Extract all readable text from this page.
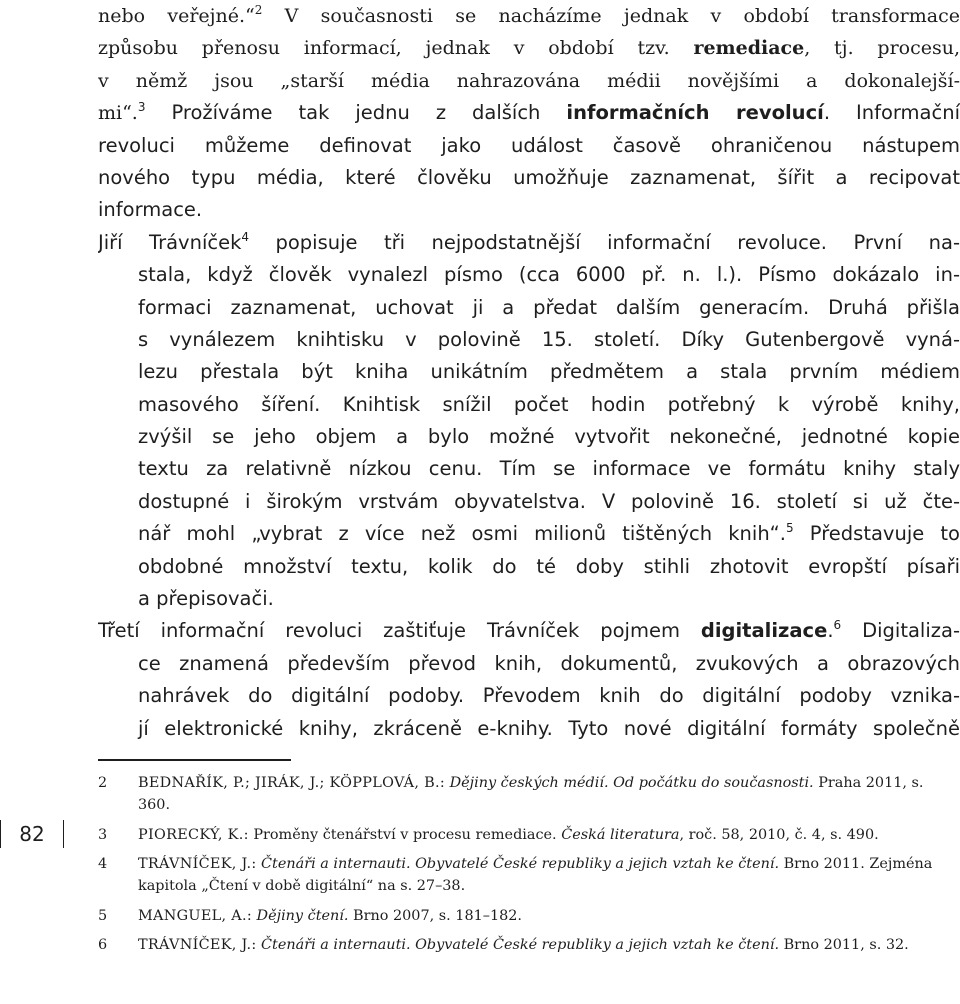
nebo veřejné.“$^2$ V současnosti se nacházíme jednak v období transformace
způsobu přenosu informací, jednak v období tzv. remediace, tj. procesu,
v němž jsou „starší média nahrazována médii novějšími a dokonalejší-
mi“.$^3$ Prožíváme tak jednu z dalších informačních revolucí. Informační
revoluci můžeme definovat jako událost časově ohraničenou nástupem
nového typu média, které člověku umožňuje zaznamenat, šířit a recipovat
informace.
Jiří Trávníček$^4$ popisuje tři nejpodstatnější informační revoluce. První na-
stala, když člověk vynalezl písmo (cca 6000 př. n. l.). Písmo dokázalo in-
formaci zaznamenat, uchovat ji a předat dalším generacím. Druhá přišla
s vynálezem knihtisku v polovině 15. století. Díky Gutenbergově vyná-
lezu přestala být kniha unikátním předmětem a stala prvním médiem
masového šíření. Knihtisk snížil počet hodin potřebný k výrobě knihy,
zvýšil se jeho objem a bylo možné vytvořit nekonečné, jednotné kopie
textu za relativně nízkou cenu. Tím se informace ve formátu knihy staly
dostupné i širokým vrstvám obyvatelstva. V polovině 16. století si už čte-
nář mohl „vybrat z více než osmi milionů tištěných knih“.$^5$ Představuje to
obdobné množství textu, kolik do té doby stihli zhotovit evropští písaři
a přepisovači.
Třetí informační revoluci zaštiťuje Trávníček pojmem digitalizace.$^6$ Digitaliza-
ce znamená především převod knih, dokumentů, zvukových a obrazových
nahrávek do digitální podoby. Převodem knih do digitální podoby vznika-
jí elektronické knihy, zkráceně e-knihy. Tyto nové digitální formáty společně
82
2 BEDNAŘÍK, P.; JIRÁK, J.; KÖPPLOVÁ, B.: Dějiny českých médií. Od počátku do současnosti. Praha 2011, s. 360.
3 PIORECKÝ, K.: Proměny čtenářství v procesu remediace. Česká literatura, roč. 58, 2010, č. 4, s. 490.
4 TRÁVNÍČEK, J.: Čtenáři a internauti. Obyvatelé České republiky a jejich vztah ke čtení. Brno 2011. Zejména kapitola „Čtení v době digitální“ na s. 27–38.
5 MANGUEL, A.: Dějiny čtení. Brno 2007, s. 181–182.
6 TRÁVNÍČEK, J.: Čtenáři a internauti. Obyvatelé České republiky a jejich vztah ke čtení. Brno 2011, s. 32.
